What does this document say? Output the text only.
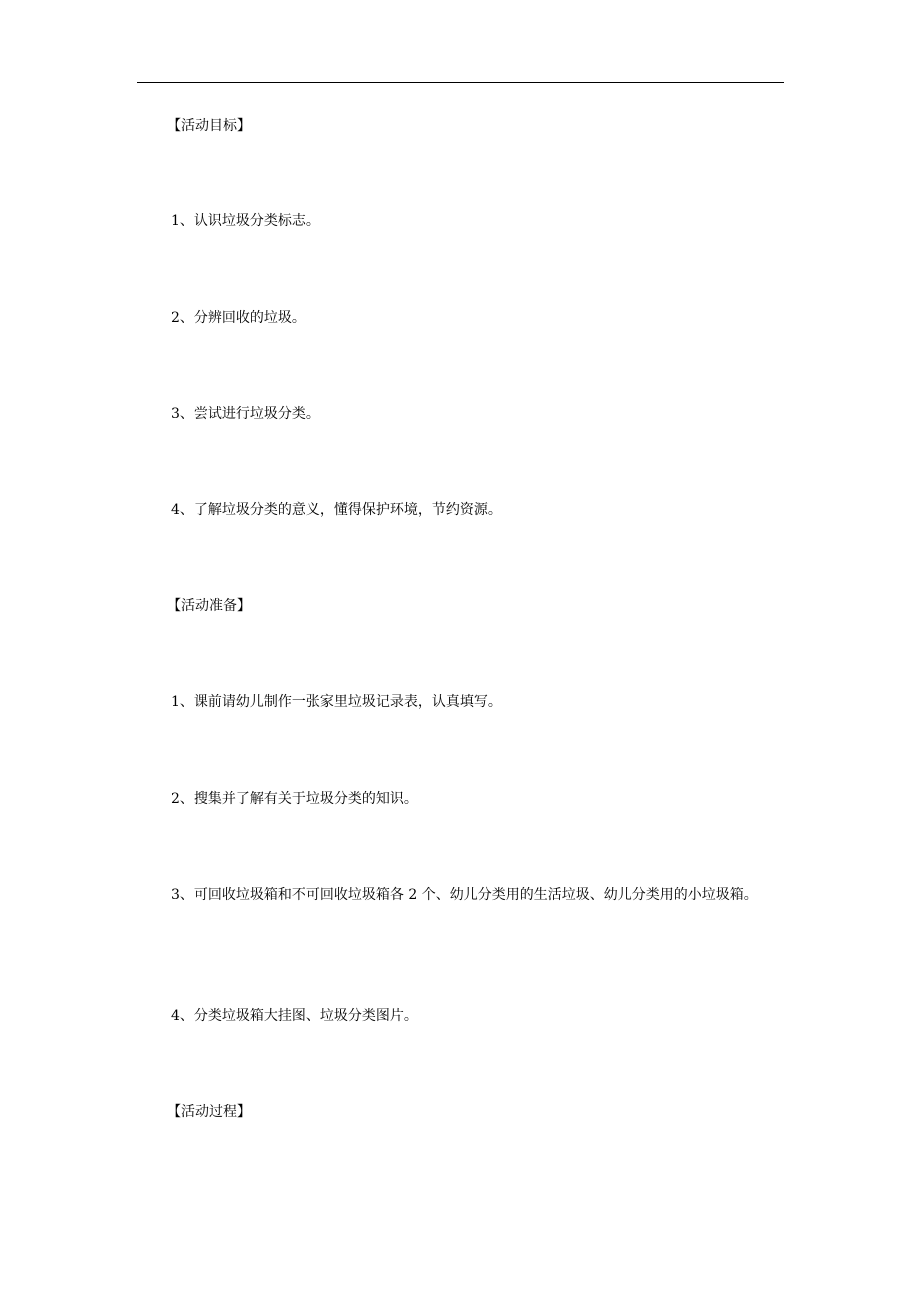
【活动目标】
1、认识垃圾分类标志。
2、分辨回收的垃圾。
3、尝试进行垃圾分类。
4、了解垃圾分类的意义，懂得保护环境，节约资源。
【活动准备】
1、课前请幼儿制作一张家里垃圾记录表，认真填写。
2、搜集并了解有关于垃圾分类的知识。
3、可回收垃圾箱和不可回收垃圾箱各 2 个、幼儿分类用的生活垃圾、幼儿分类用的小垃圾箱。
4、分类垃圾箱大挂图、垃圾分类图片。
【活动过程】
